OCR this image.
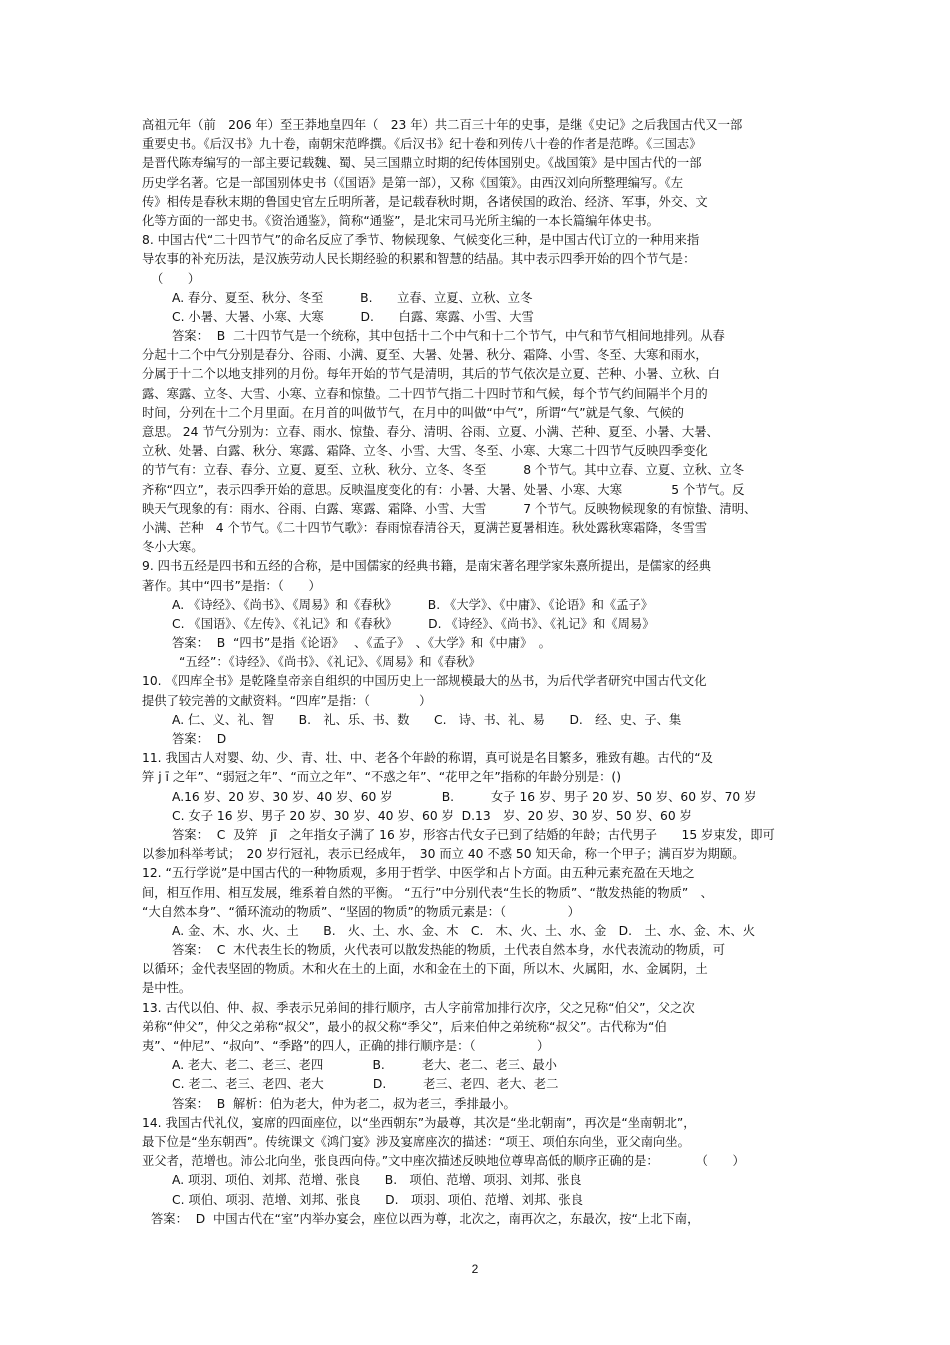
高祖元年（前　206 年）至王莽地皇四年（　23 年）共二百三十年的史事，是继《史记》之后我国古代又一部
重要史书。《后汉书》九十卷，南朝宋范晔撰。《后汉书》纪十卷和列传八十卷的作者是范晔。《三国志》
是晋代陈寿编写的一部主要记载魏、蜀、吴三国鼎立时期的纪传体国别史。《战国策》是中国古代的一部
历史学名著。它是一部国别体史书（《国语》是第一部），又称《国策》。由西汉刘向所整理编写。《左
传》相传是春秋末期的鲁国史官左丘明所著，是记载春秋时期，各诸侯国的政治、经济、军事，外交、文
化等方面的一部史书。《资治通鉴》，简称“通鉴”，是北宋司马光所主编的一本长篇编年体史书。
8. 中国古代“二十四节气”的命名反应了季节、物候现象、气候变化三种，是中国古代订立的一种用来指
导农事的补充历法，是汉族劳动人民长期经验的积累和智慧的结晶。其中表示四季开始的四个节气是：
（　　）
A. 春分、夏至、秋分、冬至　　　B.　　立春、立夏、立秋、立冬
C. 小暑、大暑、小寒、大寒　　　D.　　白露、寒露、小雪、大雪
答案：  B  二十四节气是一个统称，其中包括十二个中气和十二个节气，中气和节气相间地排列。从春
分起十二个中气分别是春分、谷雨、小满、夏至、大暑、处暑、秋分、霜降、小雪、冬至、大寒和雨水，
分属于十二个以地支排列的月份。每年开始的节气是清明，其后的节气依次是立夏、芒种、小暑、立秋、白
露、寒露、立冬、大雪、小寒、立春和惊蛰。二十四节气指二十四时节和气候，每个节气约间隔半个月的
时间，分列在十二个月里面。在月首的叫做节气，在月中的叫做“中气”，所谓“气”就是气象、气候的
意思。 24 节气分别为：立春、雨水、惊蛰、春分、清明、谷雨、立夏、小满、芒种、夏至、小暑、大暑、
立秋、处暑、白露、秋分、寒露、霜降、立冬、小雪、大雪、冬至、小寒、大寒二十四节气反映四季变化
的节气有：立春、春分、立夏、夏至、立秋、秋分、立冬、冬至　　　8 个节气。其中立春、立夏、立秋、立冬
齐称“四立”，表示四季开始的意思。反映温度变化的有：小暑、大暑、处暑、小寒、大寒　　　　5 个节气。反
映天气现象的有：雨水、谷雨、白露、寒露、霜降、小雪、大雪　　　7 个节气。反映物候现象的有惊蛰、清明、
小满、芒种　4 个节气。《二十四节气歌》：春雨惊春清谷天，夏满芒夏暑相连。秋处露秋寒霜降，冬雪雪
冬小大寒。
9. 四书五经是四书和五经的合称，是中国儒家的经典书籍，是南宋著名理学家朱熹所提出，是儒家的经典
著作。其中“四书”是指：（　　）
A. 《诗经》、《尚书》、《周易》和《春秋》　　　B. 《大学》、《中庸》、《论语》和《孟子》
C. 《国语》、《左传》、《礼记》和《春秋》　　　D. 《诗经》、《尚书》、《礼记》和《周易》
答案：  B  “四书”是指《论语》　 、《孟子》　、《大学》和《中庸》　。
“五经”：《诗经》、《尚书》、《礼记》、《周易》和《春秋》
10. 《四库全书》是乾隆皇帝亲自组织的中国历史上一部规模最大的丛书，为后代学者研究中国古代文化
提供了较完善的文献资料。“四库”是指：（　　　　）
A. 仁、义、礼、智　　B.　礼、乐、书、数　　C.　诗、书、礼、易　　D.　经、史、子、集
答案：  D
11. 我国古人对婴、幼、少、青、壮、中、老各个年龄的称谓，真可说是名目繁多，雅致有趣。古代的“及
笄 j ī 之年”、“弱冠之年”、“而立之年”、“不惑之年”、“花甲之年”指称的年龄分别是：()
A.16 岁、20 岁、30 岁、40 岁、60 岁　　　　B.　　　女子 16 岁、男子 20 岁、50 岁、60 岁、70 岁
C. 女子 16 岁、男子 20 岁、30 岁、40 岁、60 岁  D.13　岁、20 岁、30 岁、50 岁、60 岁
答案：  C  及笄　jī　之年指女子满了 16 岁，形容古代女子已到了结婚的年龄；古代男子　　15 岁束发，即可
以参加科举考试；　20 岁行冠礼，表示已经成年，　30 而立 40 不惑 50 知天命，称一个甲子；满百岁为期颐。
12. “五行学说”是中国古代的一种物质观，多用于哲学、中医学和占卜方面。由五种元素充盈在天地之
间，相互作用、相互发展，维系着自然的平衡。 “五行”中分别代表“生长的物质”、“散发热能的物质”　、
“大自然本身”、“循环流动的物质”、“坚固的物质”的物质元素是：（　　　　　）
A. 金、木、水、火、土　　B.　火、土、水、金、木　C.　木、火、土、水、金　D.　土、水、金、木、火
答案：  C  木代表生长的物质，火代表可以散发热能的物质，土代表自然本身，水代表流动的物质，可
以循环；金代表坚固的物质。木和火在土的上面，水和金在土的下面，所以木、火属阳，水、金属阴，土
是中性。
13. 古代以伯、仲、叔、季表示兄弟间的排行顺序，古人字前常加排行次序，父之兄称“伯父”，父之次
弟称“仲父”，仲父之弟称“叔父”，最小的叔父称“季父”，后来伯仲之弟统称“叔父”。古代称为“伯
夷”、“仲尼”、“叔向”、“季路”的四人，正确的排行顺序是：（　　　　　）
A. 老大、老二、老三、老四　　　　B.　　　老大、老二、老三、最小
C. 老二、老三、老四、老大　　　　D.　　　老三、老四、老大、老二
答案：  B  解析：伯为老大，仲为老二，叔为老三，季排最小。
14. 我国古代礼仪，宴席的四面座位，以“坐西朝东”为最尊，其次是“坐北朝南”，再次是“坐南朝北”，
最下位是“坐东朝西”。传统课文《鸿门宴》涉及宴席座次的描述：“项王、项伯东向坐，亚父南向坐。
亚父者，范增也。沛公北向坐，张良西向侍。”文中座次描述反映地位尊卑高低的顺序正确的是：　　　　（　　）
A. 项羽、项伯、刘邦、范增、张良　　B.　项伯、范增、项羽、刘邦、张良
C. 项伯、项羽、范增、刘邦、张良　　D.　项羽、项伯、范增、刘邦、张良
答案：  D  中国古代在“室”内举办宴会，座位以西为尊，北次之，南再次之，东最次，按“上北下南，
2
